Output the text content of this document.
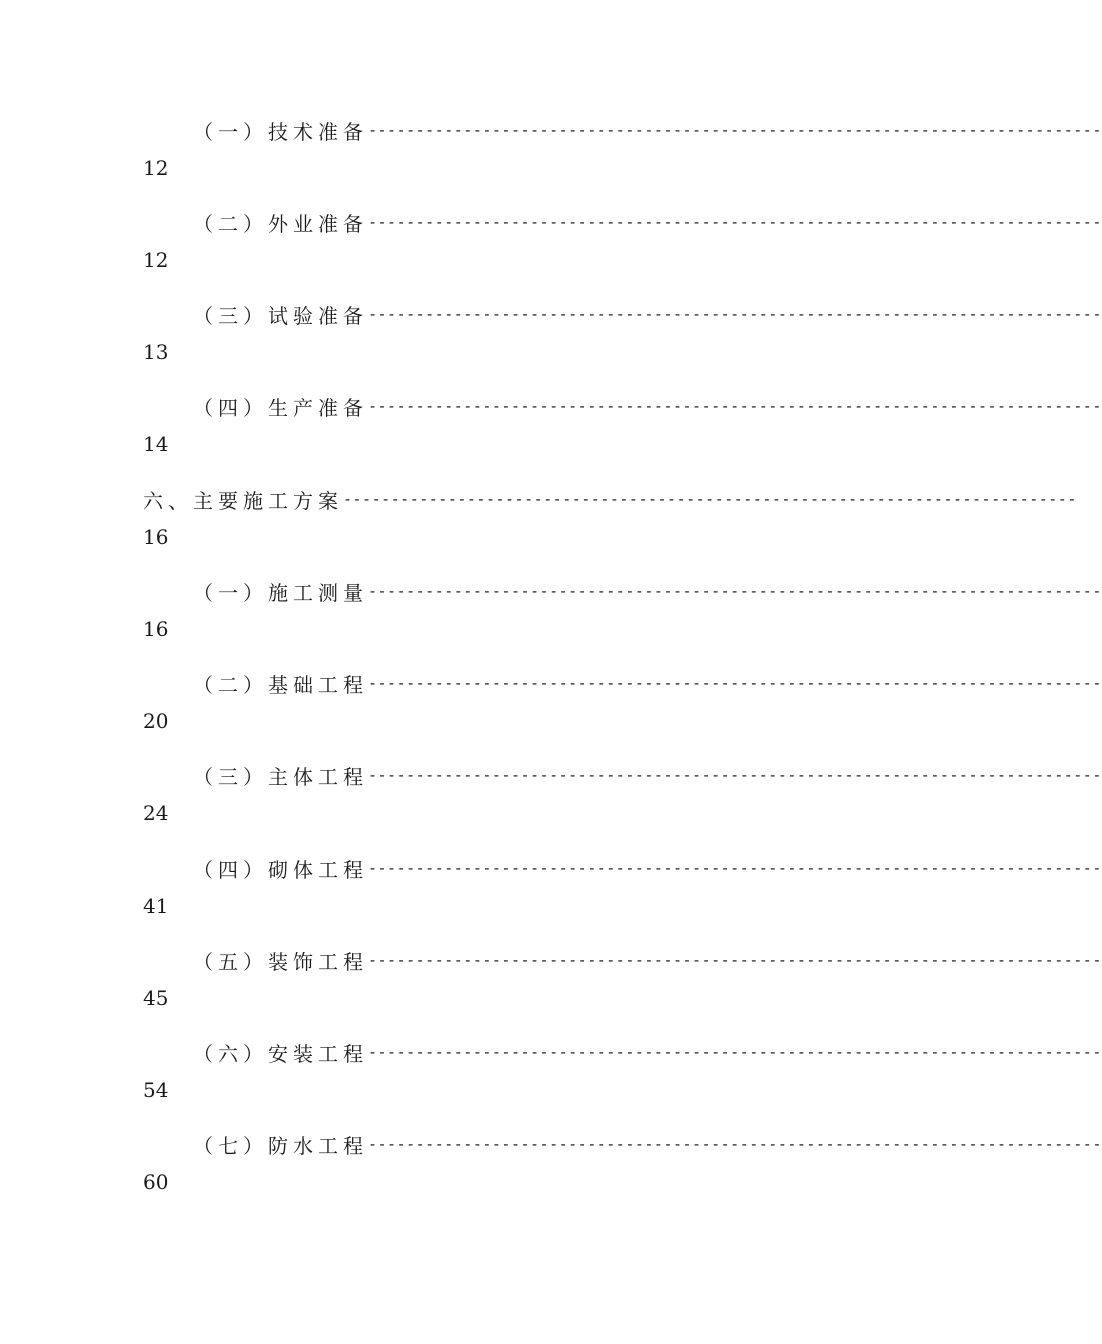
（一）技术准备 -----------------------------------------------------------------------------
12
（二）外业准备 -----------------------------------------------------------------------------
12
（三）试验准备 -----------------------------------------------------------------------------
13
（四）生产准备 -----------------------------------------------------------------------------
14
六、主要施工方案 -----------------------------------------------------------------------------
16
（一）施工测量 -----------------------------------------------------------------------------
16
（二）基础工程 -----------------------------------------------------------------------------
20
（三）主体工程 -----------------------------------------------------------------------------
24
（四）砌体工程 -----------------------------------------------------------------------------
41
（五）装饰工程 -----------------------------------------------------------------------------
45
（六）安装工程 -----------------------------------------------------------------------------
54
（七）防水工程 -----------------------------------------------------------------------------
60
